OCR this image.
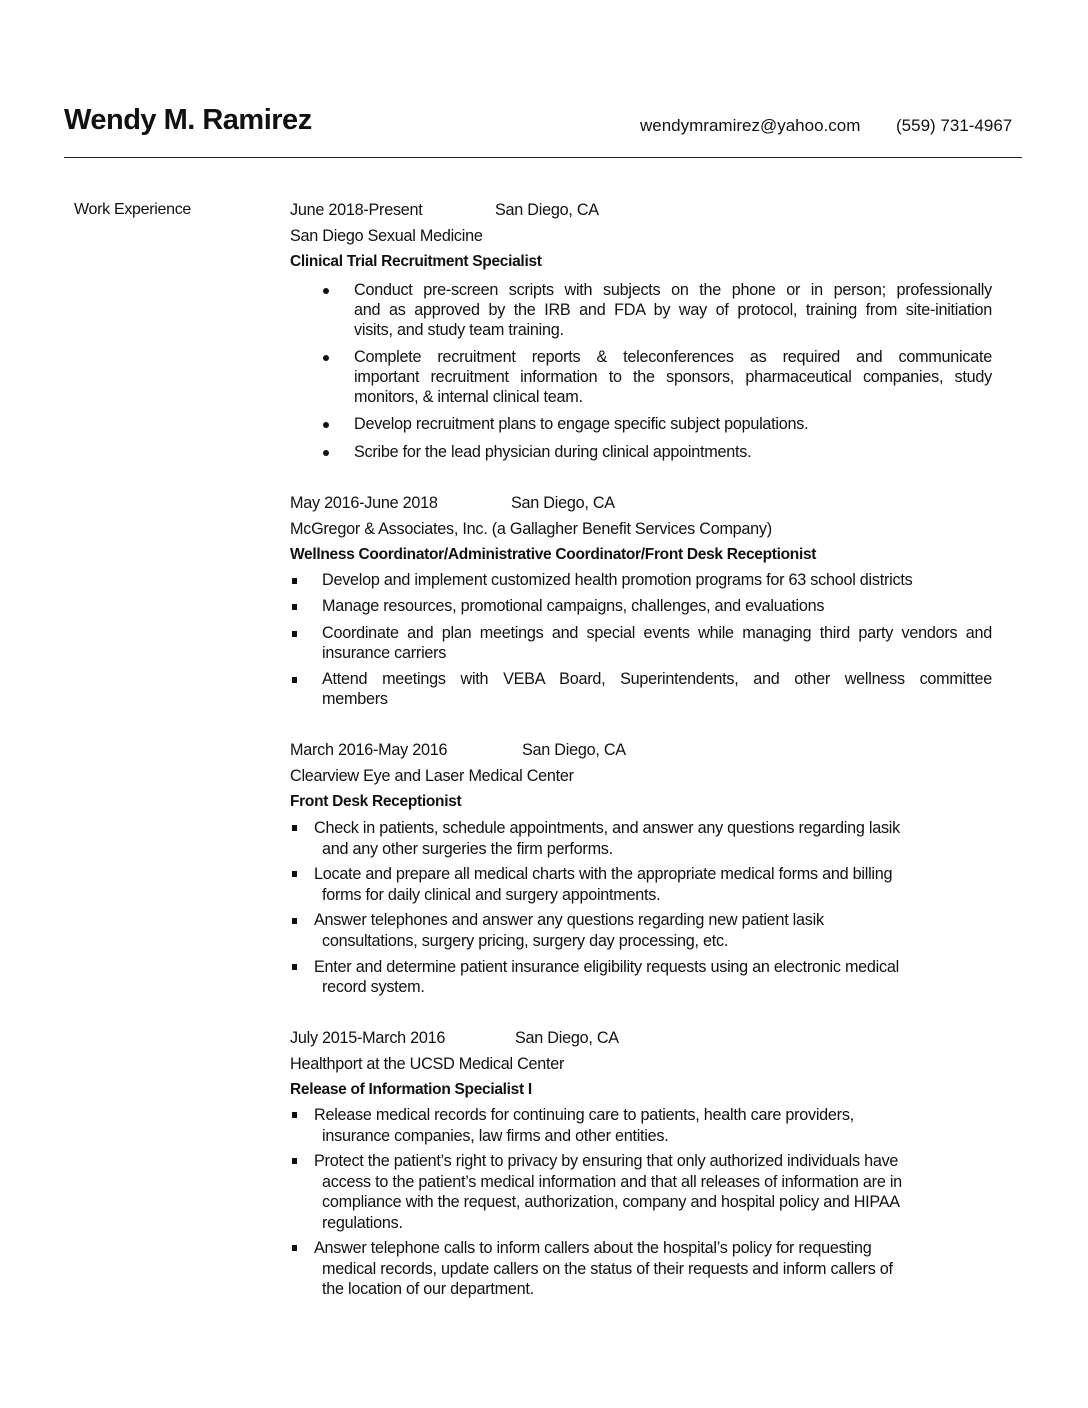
Wendy M. Ramirez	wendymramirez@yahoo.com (559) 731-4967
Work Experience	June 2018-Present	San Diego, CA
San Diego Sexual Medicine
Clinical Trial Recruitment Specialist
Conduct pre-screen scripts with subjects on the phone or in person; professionally
and as approved by the IRB and FDA by way of protocol, training from site-initiation
visits, and study team training.
Complete recruitment reports & teleconferences as required and communicate
important recruitment information to the sponsors, pharmaceutical companies, study
monitors, & internal clinical team.
Develop recruitment plans to engage specific subject populations.
Scribe for the lead physician during clinical appointments.
May 2016-June 2018	San Diego, CA
McGregor & Associates, Inc. (a Gallagher Benefit Services Company)
Wellness Coordinator/Administrative Coordinator/Front Desk Receptionist
Develop and implement customized health promotion programs for 63 school districts
Manage resources, promotional campaigns, challenges, and evaluations
Coordinate and plan meetings and special events while managing third party vendors and
insurance carriers
Attend meetings with VEBA Board, Superintendents, and other wellness committee
members
March 2016-May 2016	San Diego, CA
Clearview Eye and Laser Medical Center
Front Desk Receptionist
Check in patients, schedule appointments, and answer any questions regarding lasik
and any other surgeries the firm performs.
Locate and prepare all medical charts with the appropriate medical forms and billing
forms for daily clinical and surgery appointments.
Answer telephones and answer any questions regarding new patient lasik
consultations, surgery pricing, surgery day processing, etc.
Enter and determine patient insurance eligibility requests using an electronic medical
record system.
July 2015-March 2016	San Diego, CA
Healthport at the UCSD Medical Center
Release of Information Specialist I
Release medical records for continuing care to patients, health care providers,
insurance companies, law firms and other entities.
Protect the patient’s right to privacy by ensuring that only authorized individuals have
access to the patient’s medical information and that all releases of information are in
compliance with the request, authorization, company and hospital policy and HIPAA
regulations.
Answer telephone calls to inform callers about the hospital’s policy for requesting
medical records, update callers on the status of their requests and inform callers of
the location of our department.
